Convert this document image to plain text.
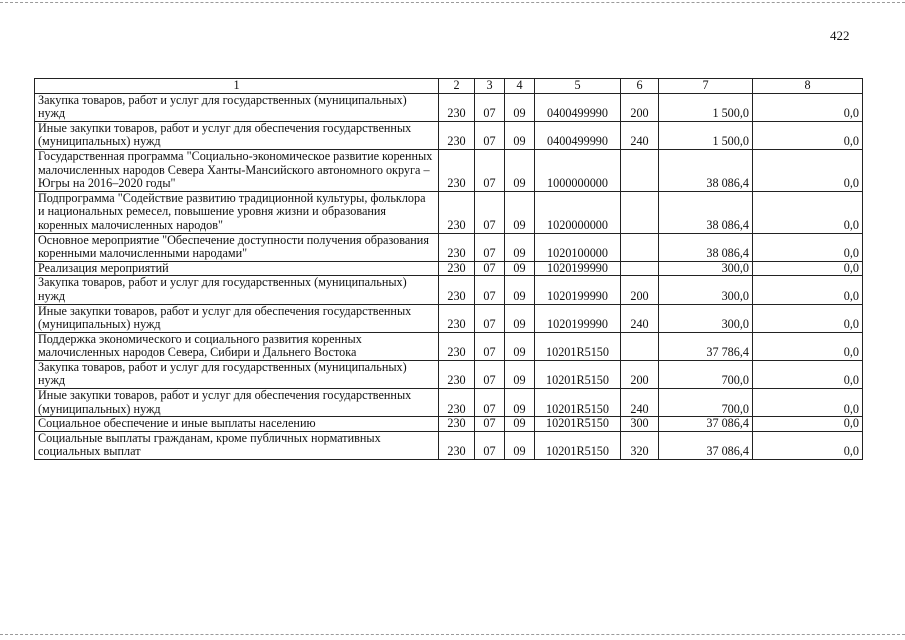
422
1	2	3	4	5	6	7	8
Закупка товаров, работ и услуг для государственных (муниципальных) нужд	230	07	09	0400499990	200	1 500,0	0,0
Иные закупки товаров, работ и услуг для обеспечения государственных (муниципальных) нужд	230	07	09	0400499990	240	1 500,0	0,0
Государственная программа "Социально-экономическое развитие коренных малочисленных народов Севера Ханты-Мансийского автономного округа – Югры на 2016–2020 годы"	230	07	09	1000000000		38 086,4	0,0
Подпрограмма "Содействие развитию традиционной культуры, фольклора и национальных ремесел, повышение уровня жизни и образования коренных малочисленных народов"	230	07	09	1020000000		38 086,4	0,0
Основное мероприятие "Обеспечение доступности получения образования коренными малочисленными народами"	230	07	09	1020100000		38 086,4	0,0
Реализация мероприятий	230	07	09	1020199990		300,0	0,0
Закупка товаров, работ и услуг для государственных (муниципальных) нужд	230	07	09	1020199990	200	300,0	0,0
Иные закупки товаров, работ и услуг для обеспечения государственных (муниципальных) нужд	230	07	09	1020199990	240	300,0	0,0
Поддержка экономического и социального развития коренных малочисленных народов Севера, Сибири и Дальнего Востока	230	07	09	10201R5150		37 786,4	0,0
Закупка товаров, работ и услуг для государственных (муниципальных) нужд	230	07	09	10201R5150	200	700,0	0,0
Иные закупки товаров, работ и услуг для обеспечения государственных (муниципальных) нужд	230	07	09	10201R5150	240	700,0	0,0
Социальное обеспечение и иные выплаты населению	230	07	09	10201R5150	300	37 086,4	0,0
Социальные выплаты гражданам, кроме публичных нормативных социальных выплат	230	07	09	10201R5150	320	37 086,4	0,0
